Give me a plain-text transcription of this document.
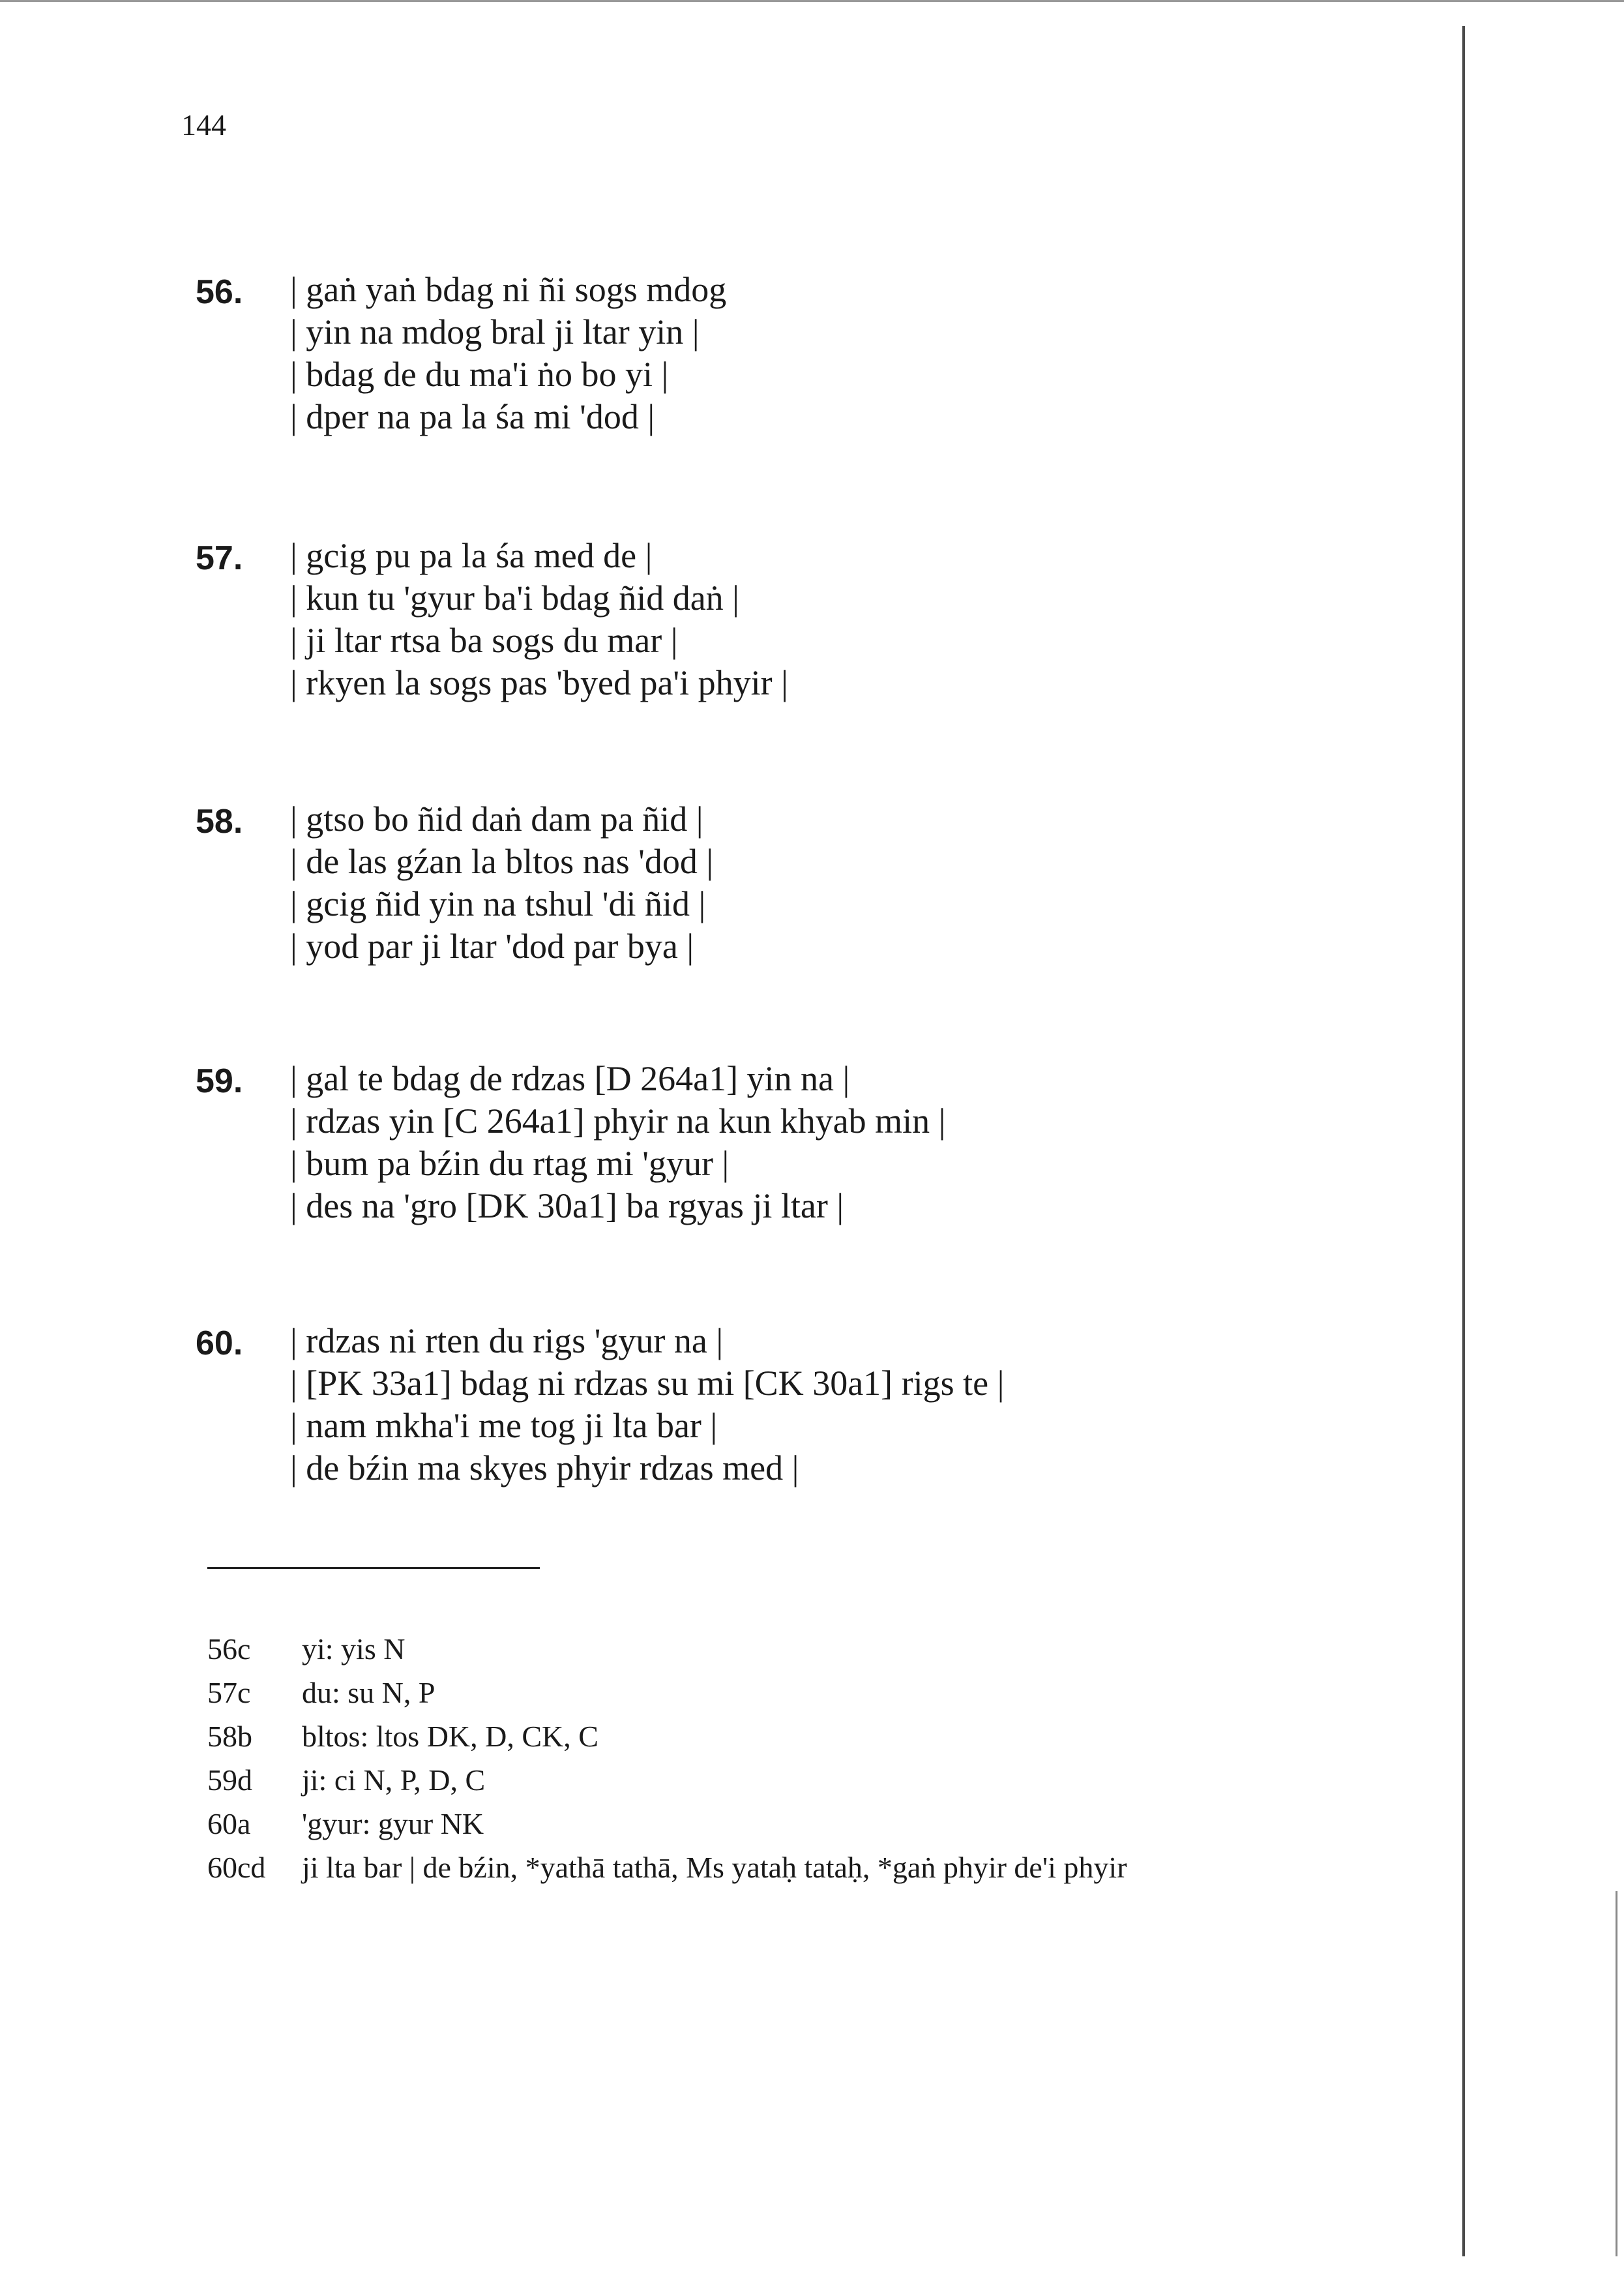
144
56. | gaṅ yaṅ bdag ni ñi sogs mdog
| yin na mdog bral ji ltar yin |
| bdag de du ma'i ṅo bo yi |
| dper na pa la śa mi 'dod |
57. | gcig pu pa la śa med de |
| kun tu 'gyur ba'i bdag ñid daṅ |
| ji ltar rtsa ba sogs du mar |
| rkyen la sogs pas 'byed pa'i phyir |
58. | gtso bo ñid daṅ dam pa ñid |
| de las gźan la bltos nas 'dod |
| gcig ñid yin na tshul 'di ñid |
| yod par ji ltar 'dod par bya |
59. | gal te bdag de rdzas [D 264a1] yin na |
| rdzas yin [C 264a1] phyir na kun khyab min |
| bum pa bźin du rtag mi 'gyur |
| des na 'gro [DK 30a1] ba rgyas ji ltar |
60. | rdzas ni rten du rigs 'gyur na |
| [PK 33a1] bdag ni rdzas su mi [CK 30a1] rigs te |
| nam mkha'i me tog ji lta bar |
| de bźin ma skyes phyir rdzas med |
56c yi: yis N
57c du: su N, P
58b bltos: ltos DK, D, CK, C
59d ji: ci N, P, D, C
60a 'gyur: gyur NK
60cd ji lta bar | de bźin, *yathā tathā, Ms yataḥ tataḥ, *gaṅ phyir de'i phyir
